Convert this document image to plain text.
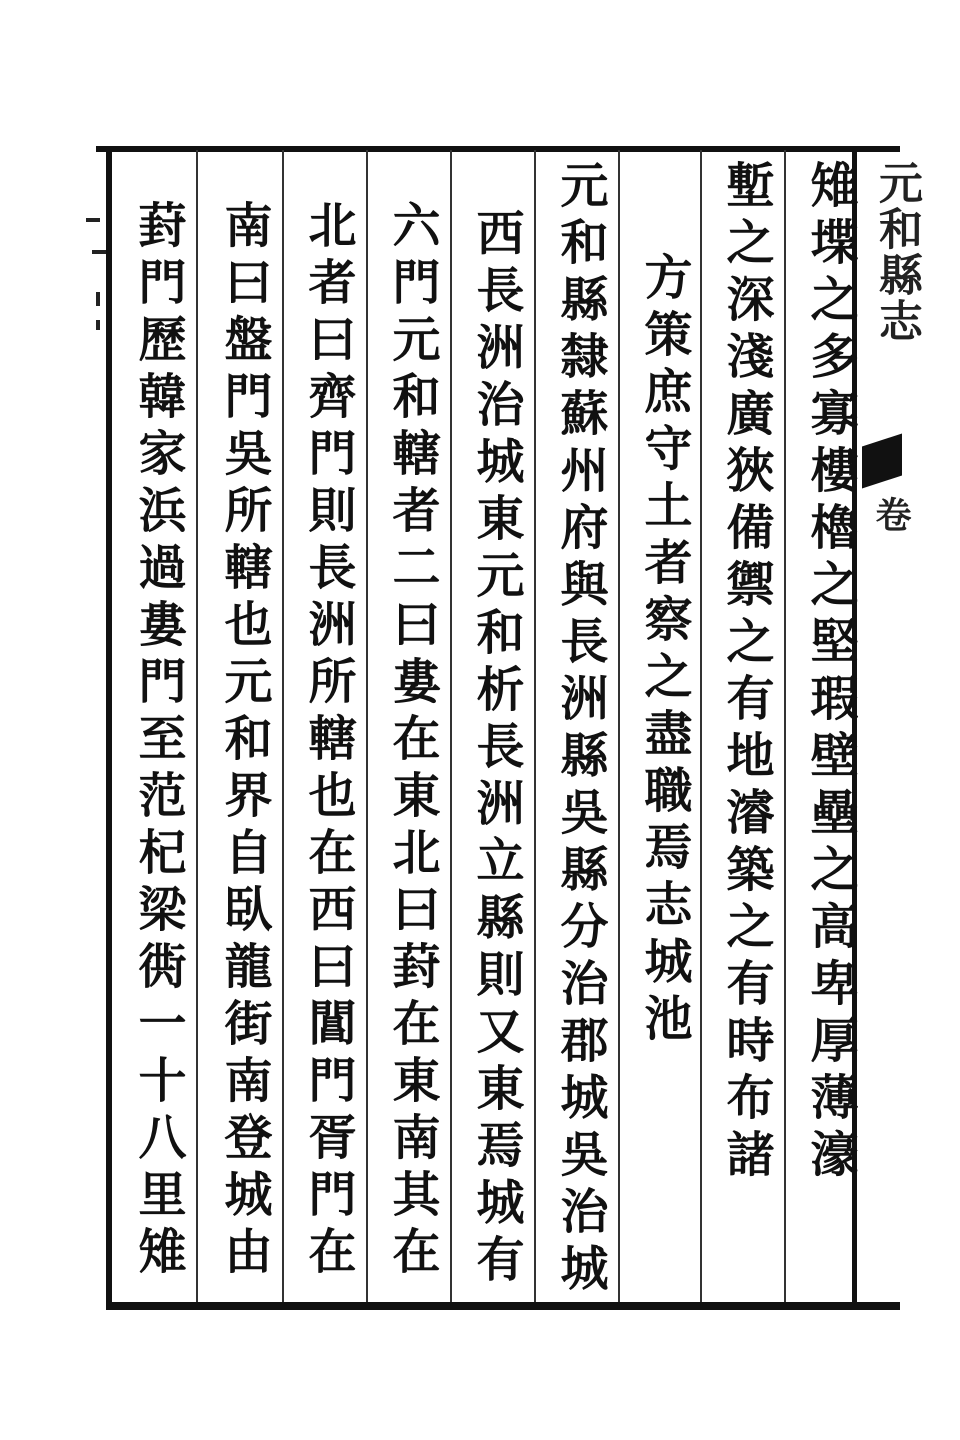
元和縣志
卷
雉堞之多寡樓櫓之堅瑕壁壘之高卑厚薄濠
塹之深淺廣狹備禦之有地濬築之有時布諸
方策庶守土者察之盡職焉志城池
元和縣隸蘇州府與長洲縣吳縣分治郡城吳治城
西長洲治城東元和析長洲立縣則又東焉城有
六門元和轄者二曰婁在東北曰葑在東南其在
北者曰齊門則長洲所轄也在西曰閶門胥門在
南曰盤門吳所轄也元和界自臥龍街南登城由
葑門歷韓家浜過婁門至范杞梁衖一十八里雉
